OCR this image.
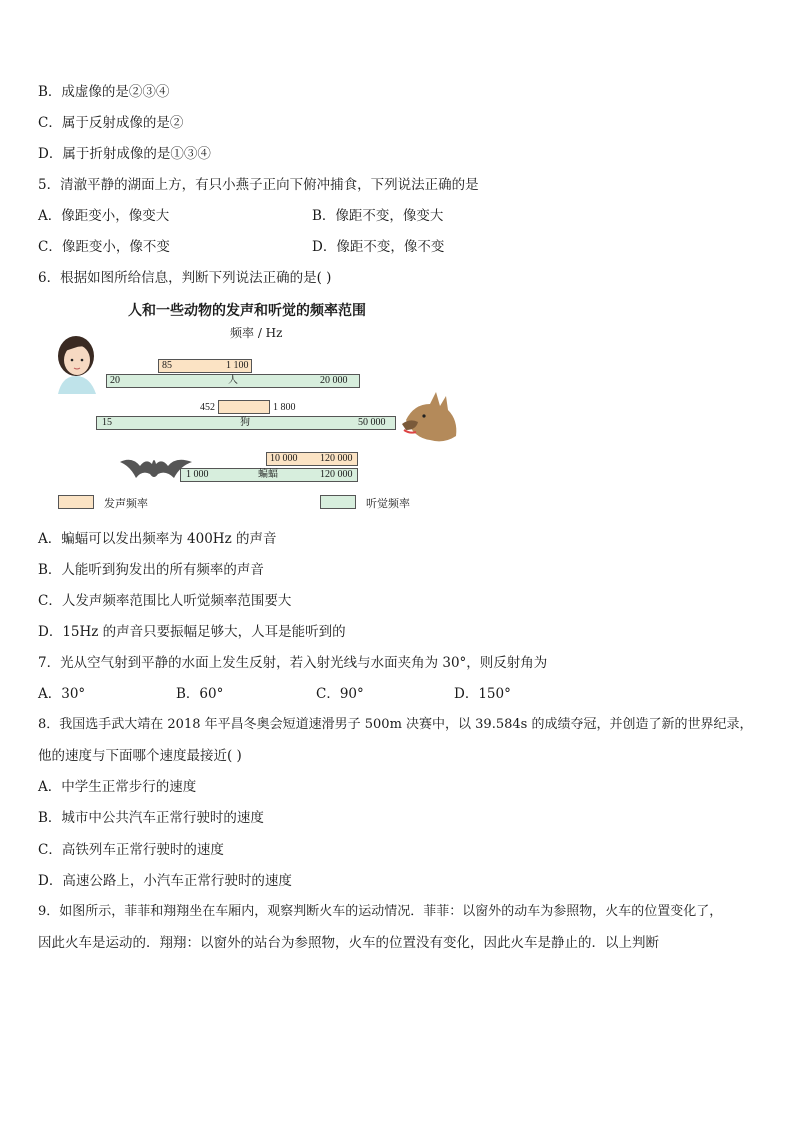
B．成虚像的是②③④
C．属于反射成像的是②
D．属于折射成像的是①③④
5．清澈平静的湖面上方，有只小燕子正向下俯冲捕食，下列说法正确的是
A．像距变小，像变大	B．像距不变，像变大
C．像距变小，像不变	D．像距不变，像不变
6．根据如图所给信息，判断下列说法正确的是( )
人和一些动物的发声和听觉的频率范围
频率 / Hz
85	1 100
20	人	20 000
452	1 800
15	狗	50 000
10 000 120 000
1 000	蝙蝠	120 000
发声频率	听觉频率
A．蝙蝠可以发出频率为 400Hz 的声音
B．人能听到狗发出的所有频率的声音
C．人发声频率范围比人听觉频率范围要大
D．15Hz 的声音只要振幅足够大，人耳是能听到的
7．光从空气射到平静的水面上发生反射，若入射光线与水面夹角为 30°，则反射角为
A．30°	B．60°	C．90°	D．150°
8．我国选手武大靖在 2018 年平昌冬奥会短道速滑男子 500m 决赛中，以 39.584s 的成绩夺冠，并创造了新的世界纪录，
他的速度与下面哪个速度最接近( )
A．中学生正常步行的速度
B．城市中公共汽车正常行驶时的速度
C．高铁列车正常行驶时的速度
D．高速公路上，小汽车正常行驶时的速度
9．如图所示，菲菲和翔翔坐在车厢内，观察判断火车的运动情况．菲菲：以窗外的动车为参照物，火车的位置变化了，
因此火车是运动的．翔翔：以窗外的站台为参照物，火车的位置没有变化，因此火车是静止的．以上判断
